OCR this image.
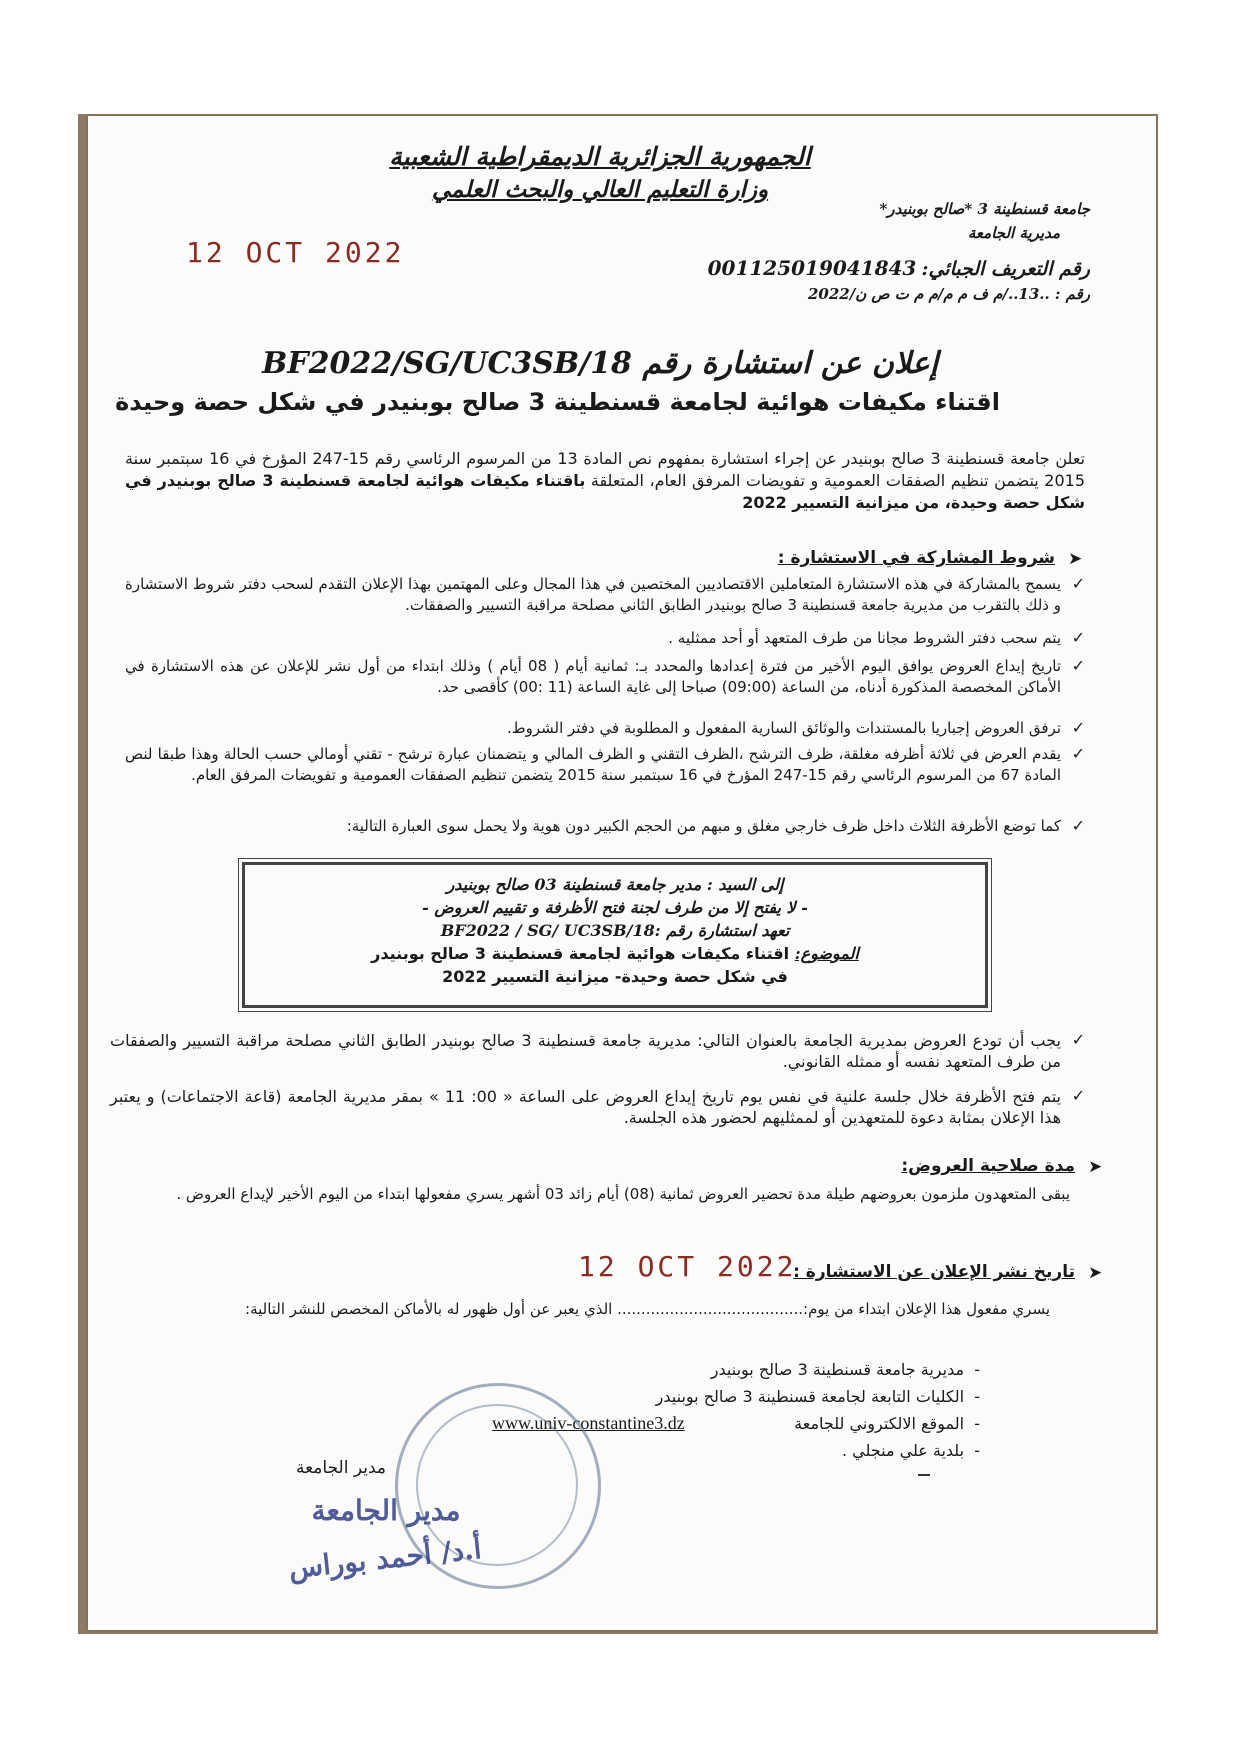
الجمهورية الجزائرية الديمقراطية الشعبية
وزارة التعليم العالي والبحث العلمي
جامعة قسنطينة 3 *صالح بوبنيدر*
مديرية الجامعة
12 OCT 2022	رقم التعريف الجبائي: 001125019041843
رقم : ..13../م ف م م/م م ت ص ن/2022
إعلان عن استشارة رقم BF2022/SG/UC3SB/18
اقتناء مكيفات هوائية لجامعة قسنطينة 3 صالح بوبنيدر في شكل حصة وحيدة
تعلن جامعة قسنطينة 3 صالح بوبنيدر عن إجراء استشارة بمفهوم نص المادة 13 من المرسوم الرئاسي رقم 15-247 المؤرخ في 16 سبتمبر سنة 2015 يتضمن تنظيم الصفقات العمومية و تفويضات المرفق العام، المتعلقة باقتناء مكيفات هوائية لجامعة قسنطينة 3 صالح بوبنيدر في شكل حصة وحيدة، من ميزانية التسيير 2022
➤
شروط المشاركة في الاستشارة :
✓
يسمح بالمشاركة في هذه الاستشارة المتعاملين الاقتصاديين المختصين في هذا المجال وعلى المهتمين بهذا الإعلان التقدم لسحب دفتر شروط الاستشارة و ذلك بالتقرب من مديرية جامعة قسنطينة 3 صالح بوبنيدر الطابق الثاني مصلحة مراقبة التسيير والصفقات.
✓
يتم سحب دفتر الشروط مجانا من طرف المتعهد أو أحد ممثليه .
✓
تاريخ إيداع العروض يوافق اليوم الأخير من فترة إعدادها والمحدد بـ: ثمانية أيام ( 08 أيام ) وذلك ابتداء من أول نشر للإعلان عن هذه الاستشارة في الأماكن المخصصة المذكورة أدناه، من الساعة (09:00) صباحا إلى غاية الساعة (11 :00) كأقصى حد.
✓
ترفق العروض إجباريا بالمستندات والوثائق السارية المفعول و المطلوبة في دفتر الشروط.
✓
يقدم العرض في ثلاثة أظرفه مغلقة، ظرف الترشح ،الظرف التقني و الظرف المالي و يتضمنان عبارة ترشح - تقني أومالي حسب الحالة وهذا طبقا لنص المادة 67 من المرسوم الرئاسي رقم 15-247 المؤرخ في 16 سبتمبر سنة 2015 يتضمن تنظيم الصفقات العمومية و تفويضات المرفق العام.
✓
كما توضع الأظرفة الثلاث داخل ظرف خارجي مغلق و مبهم من الحجم الكبير دون هوية ولا يحمل سوى العبارة التالية:
إلى السيد : مدير جامعة قسنطينة 03 صالح بوبنيدر
- لا يفتح إلا من طرف لجنة فتح الأظرفة و تقييم العروض -
تعهد استشارة رقم :BF2022 / SG/ UC3SB/18
الموضوع: اقتناء مكيفات هوائية لجامعة قسنطينة 3 صالح بوبنيدر
في شكل حصة وحيدة- ميزانية التسيير 2022
✓
يجب أن تودع العروض بمديرية الجامعة بالعنوان التالي: مديرية جامعة قسنطينة 3 صالح بوبنيدر الطابق الثاني مصلحة مراقبة التسيير والصفقات من طرف المتعهد نفسه أو ممثله القانوني.
✓
يتم فتح الأظرفة خلال جلسة علنية في نفس يوم تاريخ إيداع العروض على الساعة « 00: 11 » بمقر مديرية الجامعة (قاعة الاجتماعات) و يعتبر هذا الإعلان بمثابة دعوة للمتعهدين أو لممثليهم لحضور هذه الجلسة.
➤
مدة صلاحية العروض:
يبقى المتعهدون ملزمون بعروضهم طيلة مدة تحضير العروض ثمانية (08) أيام زائد 03 أشهر يسري مفعولها ابتداء من اليوم الأخير لإيداع العروض .
12 OCT 2022	➤
تاريخ نشر الإعلان عن الاستشارة :
يسري مفعول هذا الإعلان ابتداء من يوم:....................................... الذي يعبر عن أول ظهور له بالأماكن المخصص للنشر التالية:
-  مديرية جامعة قسنطينة 3 صالح بوبنيدر
-  الكليات التابعة لجامعة قسنطينة 3 صالح بوبنيدر
-  الموقع الالكتروني للجامعة
-  بلدية علي منجلي .
www.univ-constantine3.dz
مدير الجامعة
مدير الجامعة
أ.د/ أحمد بوراس
